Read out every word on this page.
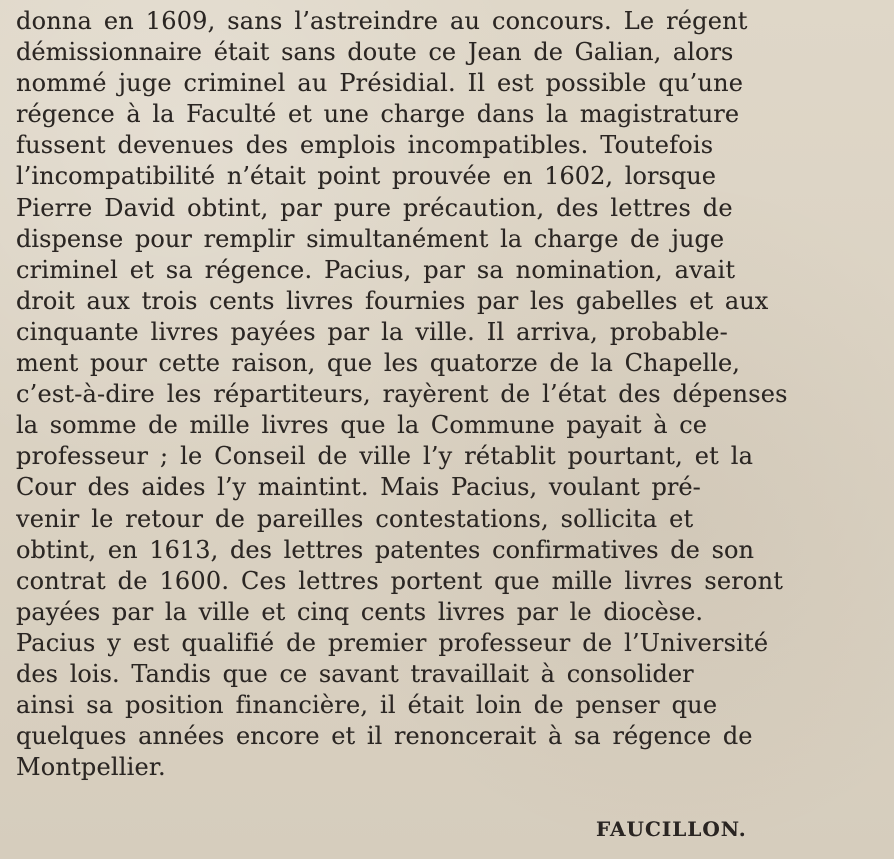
donna en 1609, sans l’astreindre au concours. Le régent
démissionnaire était sans doute ce Jean de Galian, alors
nommé juge criminel au Présidial. Il est possible qu’une
régence à la Faculté et une charge dans la magistrature
fussent devenues des emplois incompatibles. Toutefois
l’incompatibilité n’était point prouvée en 1602, lorsque
Pierre David obtint, par pure précaution, des lettres de
dispense pour remplir simultanément la charge de juge
criminel et sa régence. Pacius, par sa nomination, avait
droit aux trois cents livres fournies par les gabelles et aux
cinquante livres payées par la ville. Il arriva, probable-
ment pour cette raison, que les quatorze de la Chapelle,
c’est-à-dire les répartiteurs, rayèrent de l’état des dépenses
la somme de mille livres que la Commune payait à ce
professeur ; le Conseil de ville l’y rétablit pourtant, et la
Cour des aides l’y maintint. Mais Pacius, voulant pré-
venir le retour de pareilles contestations, sollicita et
obtint, en 1613, des lettres patentes confirmatives de son
contrat de 1600. Ces lettres portent que mille livres seront
payées par la ville et cinq cents livres par le diocèse.
Pacius y est qualifié de premier professeur de l’Université
des lois. Tandis que ce savant travaillait à consolider
ainsi sa position financière, il était loin de penser que
quelques années encore et il renoncerait à sa régence de
Montpellier.
FAUCILLON.
